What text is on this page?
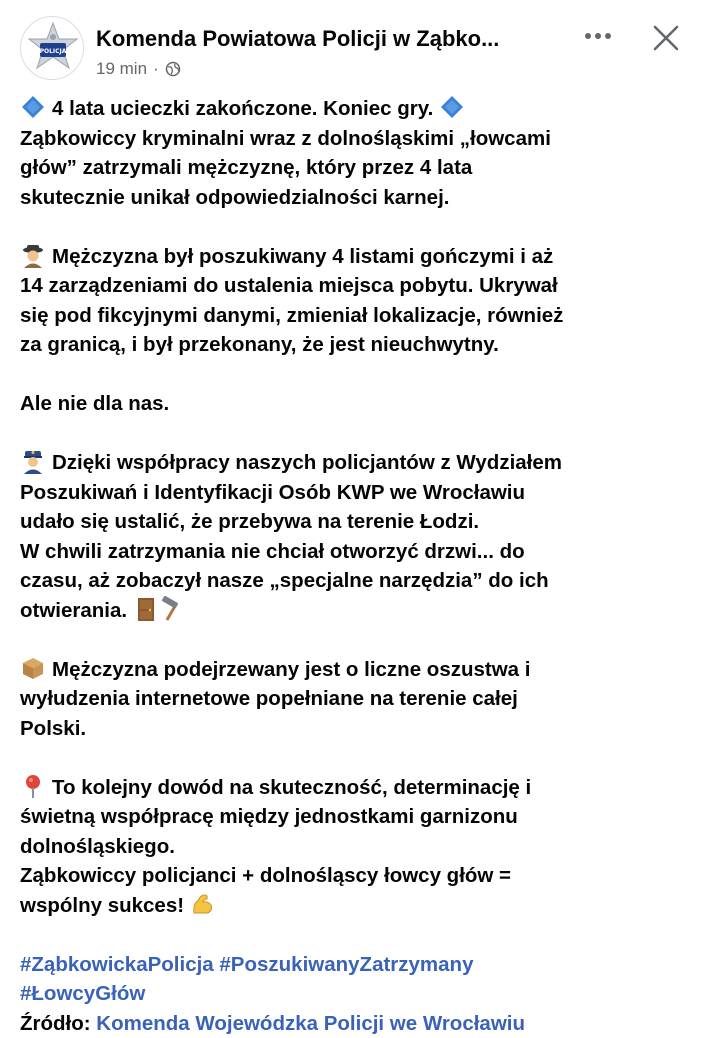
POLICJA
Komenda Powiatowa Policji w Ząbko...
19 min ·

4 lata ucieczki zakończone. Koniec gry.
Ząbkowiccy kryminalni wraz z dolnośląskimi „łowcami
głów” zatrzymali mężczyznę, który przez 4 lata
skutecznie unikał odpowiedzialności karnej.

Mężczyzna był poszukiwany 4 listami gończymi i aż
14 zarządzeniami do ustalenia miejsca pobytu. Ukrywał
się pod fikcyjnymi danymi, zmieniał lokalizacje, również
za granicą, i był przekonany, że jest nieuchwytny.

Ale nie dla nas.

Dzięki współpracy naszych policjantów z Wydziałem
Poszukiwań i Identyfikacji Osób KWP we Wrocławiu
udało się ustalić, że przebywa na terenie Łodzi.
W chwili zatrzymania nie chciał otworzyć drzwi... do
czasu, aż zobaczył nasze „specjalne narzędzia” do ich
otwierania.

Mężczyzna podejrzewany jest o liczne oszustwa i
wyłudzenia internetowe popełniane na terenie całej
Polski.

To kolejny dowód na skuteczność, determinację i
świetną współpracę między jednostkami garnizonu
dolnośląskiego.
Ząbkowiccy policjanci + dolnośląscy łowcy głów =
wspólny sukces!

#ZąbkowickaPolicja #PoszukiwanyZatrzymany
#ŁowcyGłów
Źródło: Komenda Wojewódzka Policji we Wrocławiu
